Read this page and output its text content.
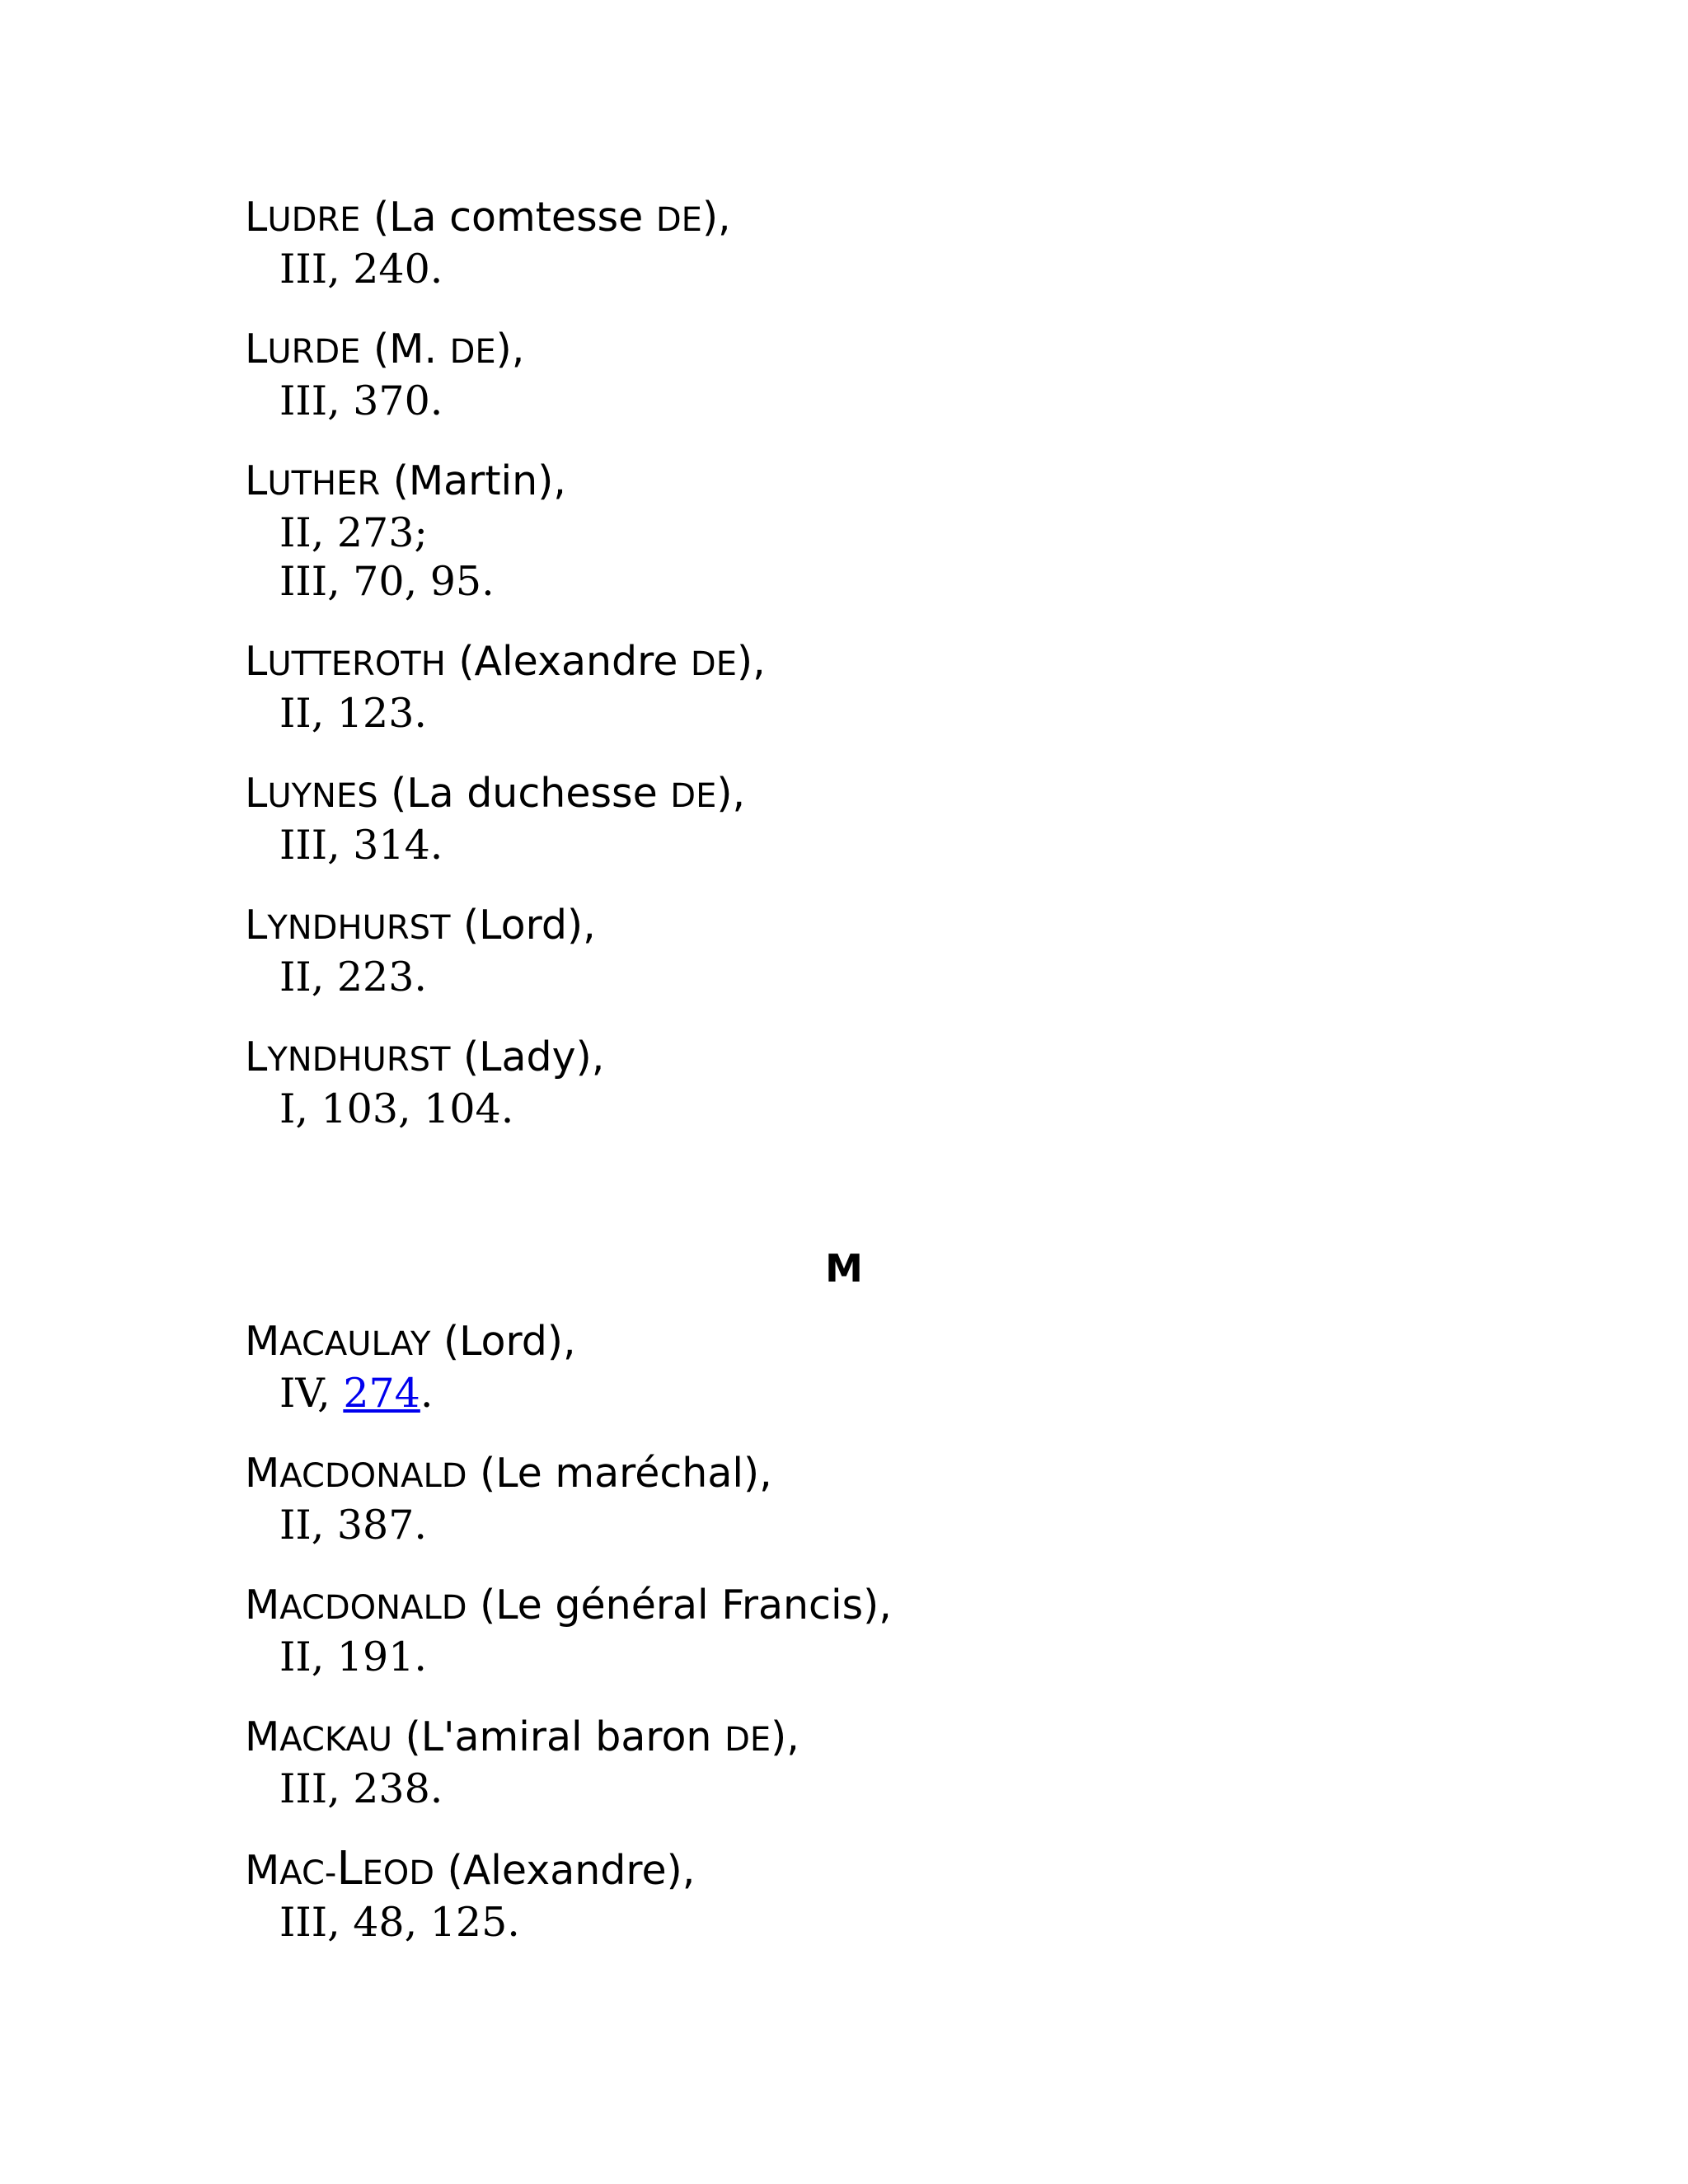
LUDRE (La comtesse DE),
III, 240.
LURDE (M. DE),
III, 370.
LUTHER (Martin),
II, 273;
III, 70, 95.
LUTTEROTH (Alexandre DE),
II, 123.
LUYNES (La duchesse DE),
III, 314.
LYNDHURST (Lord),
II, 223.
LYNDHURST (Lady),
I, 103, 104.
M
MACAULAY (Lord),
IV, 274.
MACDONALD (Le maréchal),
II, 387.
MACDONALD (Le général Francis),
II, 191.
MACKAU (L'amiral baron DE),
III, 238.
MAC-LEOD (Alexandre),
III, 48, 125.
